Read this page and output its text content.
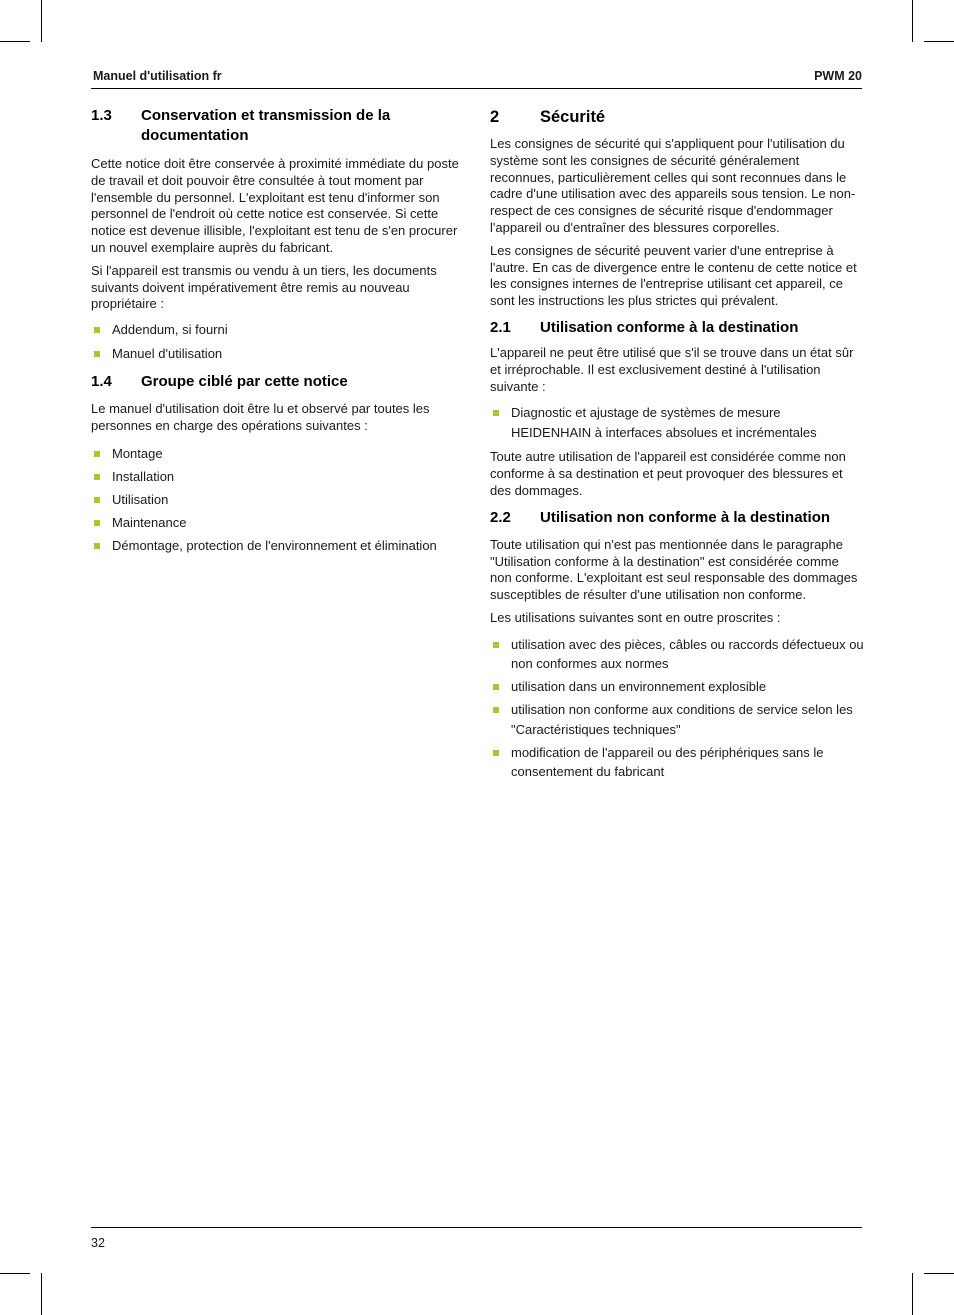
Manuel d'utilisation fr	PWM 20
1.3	Conservation et transmission de la documentation

Cette notice doit être conservée à proximité immédiate du poste de travail et doit pouvoir être consultée à tout moment par l'ensemble du personnel. L'exploitant est tenu d'informer son personnel de l'endroit où cette notice est conservée. Si cette notice est devenue illisible, l'exploitant est tenu de s'en procurer un nouvel exemplaire auprès du fabricant.

Si l'appareil est transmis ou vendu à un tiers, les documents suivants doivent impérativement être remis au nouveau propriétaire :

Addendum, si fourni
Manuel d'utilisation
1.4	Groupe ciblé par cette notice

Le manuel d'utilisation doit être lu et observé par toutes les personnes en charge des opérations suivantes :

Montage
Installation
Utilisation
Maintenance
Démontage, protection de l'environnement et élimination
2	Sécurité

Les consignes de sécurité qui s'appliquent pour l'utilisation du système sont les consignes de sécurité généralement reconnues, particulièrement celles qui sont reconnues dans le cadre d'une utilisation avec des appareils sous tension. Le non-respect de ces consignes de sécurité risque d'endommager l'appareil ou d'entraîner des blessures corporelles.

Les consignes de sécurité peuvent varier d'une entreprise à l'autre. En cas de divergence entre le contenu de cette notice et les consignes internes de l'entreprise utilisant cet appareil, ce sont les instructions les plus strictes qui prévalent.

2.1	Utilisation conforme à la destination

L'appareil ne peut être utilisé que s'il se trouve dans un état sûr et irréprochable. Il est exclusivement destiné à l'utilisation suivante :

Diagnostic et ajustage de systèmes de mesure HEIDENHAIN à interfaces absolues et incrémentales

Toute autre utilisation de l'appareil est considérée comme non conforme à sa destination et peut provoquer des blessures et des dommages.

2.2	Utilisation non conforme à la destination

Toute utilisation qui n'est pas mentionnée dans le paragraphe "Utilisation conforme à la destination" est considérée comme non conforme. L'exploitant est seul responsable des dommages susceptibles de résulter d'une utilisation non conforme.

Les utilisations suivantes sont en outre proscrites :

utilisation avec des pièces, câbles ou raccords défectueux ou non conformes aux normes
utilisation dans un environnement explosible
utilisation non conforme aux conditions de service selon les "Caractéristiques techniques"
modification de l'appareil ou des périphériques sans le consentement du fabricant
32
